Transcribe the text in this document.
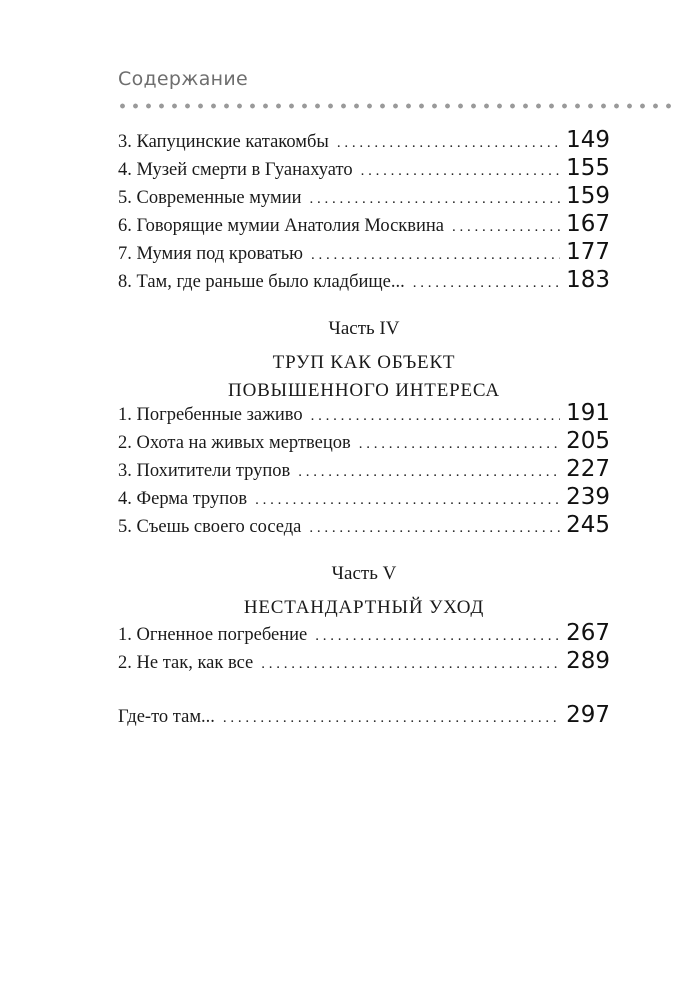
Содержание
3. Капуцинские катакомбы . . .	149
4. Музей смерти в Гуанахуато . . .	155
5. Современные мумии . . .	159
6. Говорящие мумии Анатолия Москвина . . .	167
7. Мумия под кроватью . . .	177
8. Там, где раньше было кладбище... . . .	183
Часть IV
ТРУП КАК ОБЪЕКТ
ПОВЫШЕННОГО ИНТЕРЕСА
1. Погребенные заживо . . .	191
2. Охота на живых мертвецов . . .	205
3. Похитители трупов . . .	227
4. Ферма трупов . . .	239
5. Съешь своего соседа . . .	245
Часть V
НЕСТАНДАРТНЫЙ УХОД
1. Огненное погребение . . .	267
2. Не так, как все . . .	289
Где-то там... . . .	297
